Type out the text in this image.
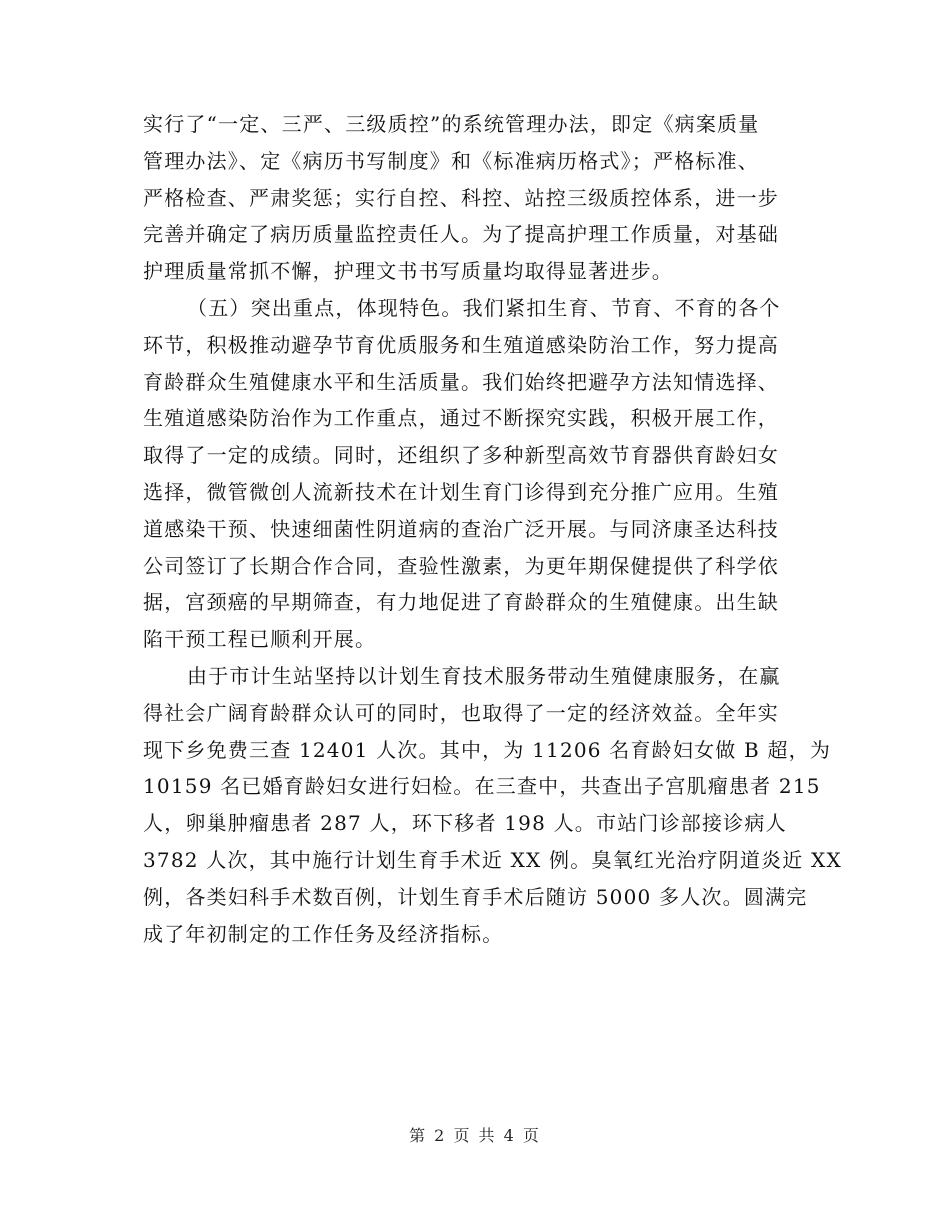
实行了“一定、三严、三级质控”的系统管理办法，即定《病案质量
管理办法》、定《病历书写制度》和《标准病历格式》；严格标准、
严格检查、严肃奖惩；实行自控、科控、站控三级质控体系，进一步
完善并确定了病历质量监控责任人。为了提高护理工作质量，对基础
护理质量常抓不懈，护理文书书写质量均取得显著进步。
（五）突出重点，体现特色。我们紧扣生育、节育、不育的各个
环节，积极推动避孕节育优质服务和生殖道感染防治工作，努力提高
育龄群众生殖健康水平和生活质量。我们始终把避孕方法知情选择、
生殖道感染防治作为工作重点，通过不断探究实践，积极开展工作，
取得了一定的成绩。同时，还组织了多种新型高效节育器供育龄妇女
选择，微管微创人流新技术在计划生育门诊得到充分推广应用。生殖
道感染干预、快速细菌性阴道病的查治广泛开展。与同济康圣达科技
公司签订了长期合作合同，查验性激素，为更年期保健提供了科学依
据，宫颈癌的早期筛查，有力地促进了育龄群众的生殖健康。出生缺
陷干预工程已顺利开展。
由于市计生站坚持以计划生育技术服务带动生殖健康服务，在赢
得社会广阔育龄群众认可的同时，也取得了一定的经济效益。全年实
现下乡免费三查 12401 人次。其中，为 11206 名育龄妇女做 B 超，为
10159 名已婚育龄妇女进行妇检。在三查中，共查出子宫肌瘤患者 215
人，卵巢肿瘤患者 287 人，环下移者 198 人。市站门诊部接诊病人
3782 人次，其中施行计划生育手术近 XX 例。臭氧红光治疗阴道炎近 XX
例，各类妇科手术数百例，计划生育手术后随访 5000 多人次。圆满完
成了年初制定的工作任务及经济指标。
第 2 页 共 4 页
